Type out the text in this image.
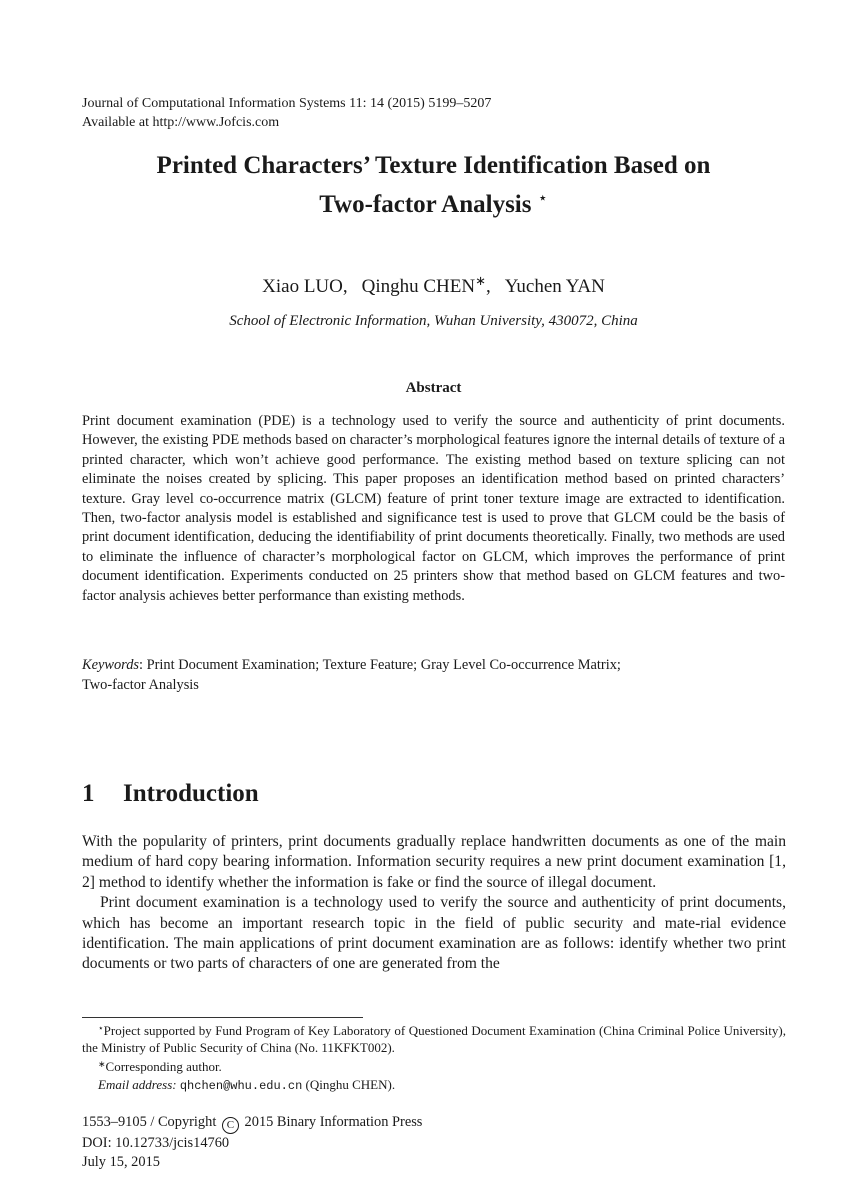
Journal of Computational Information Systems 11: 14 (2015) 5199–5207
Available at http://www.Jofcis.com
Printed Characters’ Texture Identification Based on
Two-factor Analysis ⋆
Xiao LUO, Qinghu CHEN∗, Yuchen YAN
School of Electronic Information, Wuhan University, 430072, China
Abstract
Print document examination (PDE) is a technology used to verify the source and authenticity of print documents. However, the existing PDE methods based on character’s morphological features ignore the internal details of texture of a printed character, which won’t achieve good performance. The existing method based on texture splicing can not eliminate the noises created by splicing. This paper proposes an identification method based on printed characters’ texture. Gray level co-occurrence matrix (GLCM) feature of print toner texture image are extracted to identification. Then, two-factor analysis model is established and significance test is used to prove that GLCM could be the basis of print document identification, deducing the identifiability of print documents theoretically. Finally, two methods are used to eliminate the influence of character’s morphological factor on GLCM, which improves the performance of print document identification. Experiments conducted on 25 printers show that method based on GLCM features and two-factor analysis achieves better performance than existing methods.
Keywords: Print Document Examination; Texture Feature; Gray Level Co-occurrence Matrix;
Two-factor Analysis
1 Introduction

With the popularity of printers, print documents gradually replace handwritten documents as one of the main medium of hard copy bearing information. Information security requires a new print document examination [1, 2] method to identify whether the information is fake or find the source of illegal document.

Print document examination is a technology used to verify the source and authenticity of print documents, which has become an important research topic in the field of public security and mate-rial evidence identification. The main applications of print document examination are as follows: identify whether two print documents or two parts of characters of one are generated from the

⋆Project supported by Fund Program of Key Laboratory of Questioned Document Examination (China Criminal Police University), the Ministry of Public Security of China (No. 11KFKT002).

∗Corresponding author.

Email address: qhchen@whu.edu.cn (Qinghu CHEN).

1553–9105 / Copyright C 2015 Binary Information Press
DOI: 10.12733/jcis14760
July 15, 2015
